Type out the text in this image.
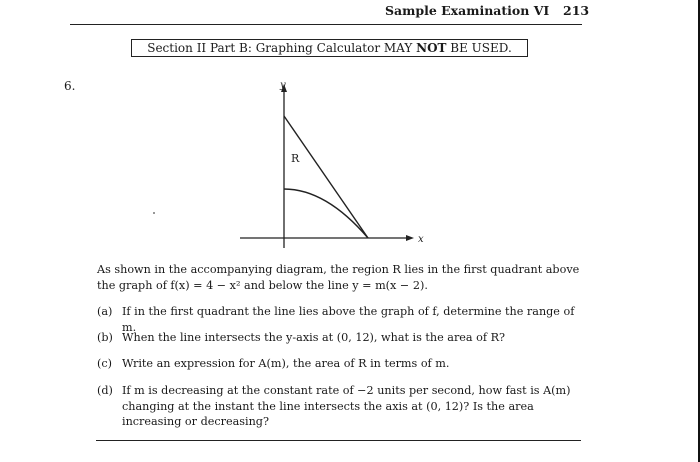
Sample Examination VI 213
Section II Part B: Graphing Calculator MAY NOT BE USED.
6.	y
x
R
As shown in the accompanying diagram, the region R lies in the first quadrant above the graph of f(x) = 4 − x² and below the line y = m(x − 2).
(a) If in the first quadrant the line lies above the graph of f, determine the range of m.
(b) When the line intersects the y-axis at (0, 12), what is the area of R?
(c) Write an expression for A(m), the area of R in terms of m.
(d) If m is decreasing at the constant rate of −2 units per second, how fast is A(m) changing at the instant the line intersects the axis at (0, 12)? Is the area increasing or decreasing?
